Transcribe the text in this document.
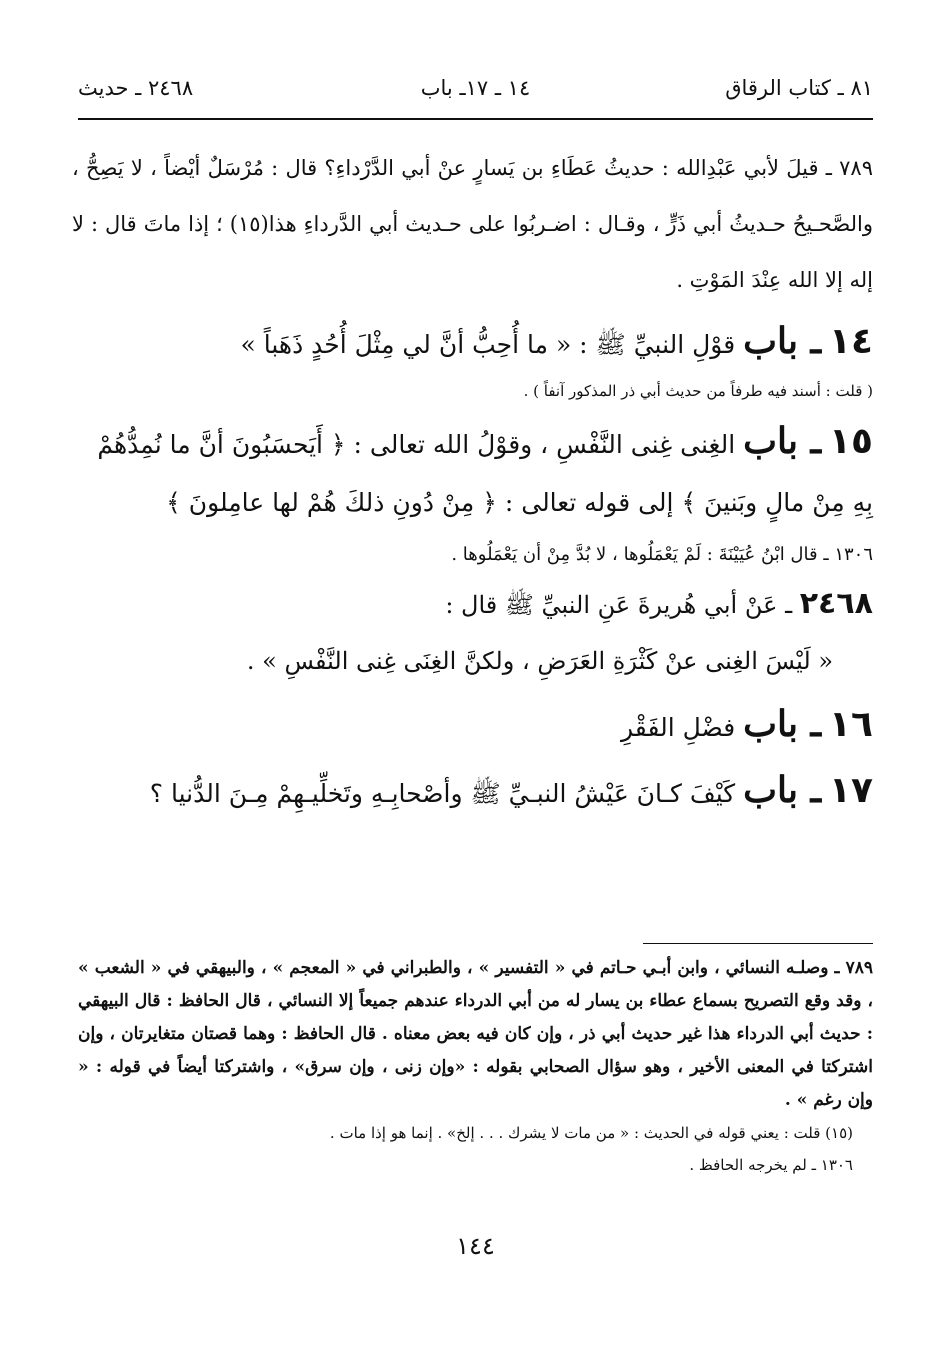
٨١ ـ كتاب الرقاق
١٤ ـ ١٧ـ باب
٢٤٦٨ ـ حديث

٧٨٩ ـ قيلَ لأبي عَبْدِالله : حديثُ عَطَاءِ بن يَسارٍ عنْ أبي الدَّرْداءِ؟ قال : مُرْسَلٌ أيْضاً ، لا يَصِحُّ ، والصَّحـيحُ حـديثُ أبي ذَرٍّ ، وقـال : اضـربُوا على حـديث أبي الدَّرداءِ هذا(١٥) ؛ إذا ماتَ قال : لا إله إلا الله عِنْدَ المَوْتِ .

١٤ ـ باب قوْلِ النبيِّ ﷺ : « ما أُحِبُّ أنَّ لي مِثْلَ أُحُدٍ ذَهَباً »

( قلت : أسند فيه طرفاً من حديث أبي ذر المذكور آنفاً ) .

١٥ ـ باب الغِنى غِنى النَّفْسِ ، وقوْلُ الله تعالى : ﴿ أَيَحسَبُونَ أنَّ ما نُمِدُّهُمْ بِهِ مِنْ مالٍ وبَنينَ ﴾ إلى قوله تعالى : ﴿ مِنْ دُونِ ذلكَ هُمْ لها عامِلونَ ﴾

١٣٠٦ ـ قال ابْنُ عُيَيْنَةَ : لَمْ يَعْمَلُوها ، لا بُدَّ مِنْ أن يَعْمَلُوها .

٢٤٦٨ ـ عَنْ أبي هُريرةَ عَنِ النبيِّ ﷺ قال :

« لَيْسَ الغِنى عنْ كَثْرَةِ العَرَضِ ، ولكنَّ الغِنَى غِنى النَّفْسِ » .

١٦ ـ باب فضْلِ الفَقْرِ

١٧ ـ باب كَيْفَ كـانَ عَيْشُ النبـيِّ ﷺ وأصْحابِـهِ وتَخلِّيـهِمْ مِـنَ الدُّنيا ؟

٧٨٩ ـ وصلـه النسائي ، وابن أبـي حـاتم في « التفسير » ، والطبراني في « المعجم » ، والبيهقي في « الشعب » ، وقد وقع التصريح بسماع عطاء بن يسار له من أبي الدرداء عندهم جميعاً إلا النسائي ، قال الحافظ : قال البيهقي : حديث أبي الدرداء هذا غير حديث أبي ذر ، وإن كان فيه بعض معناه . قال الحافظ : وهما قصتان متغايرتان ، وإن اشتركتا في المعنى الأخير ، وهو سؤال الصحابي بقوله : «وإن زنى ، وإن سرق» ، واشتركتا أيضاً في قوله : « وإن رغم » .

(١٥) قلت : يعني قوله في الحديث : « من مات لا يشرك . . . إلخ» . إنما هو إذا مات .

١٣٠٦ ـ لم يخرجه الحافظ .

١٤٤
